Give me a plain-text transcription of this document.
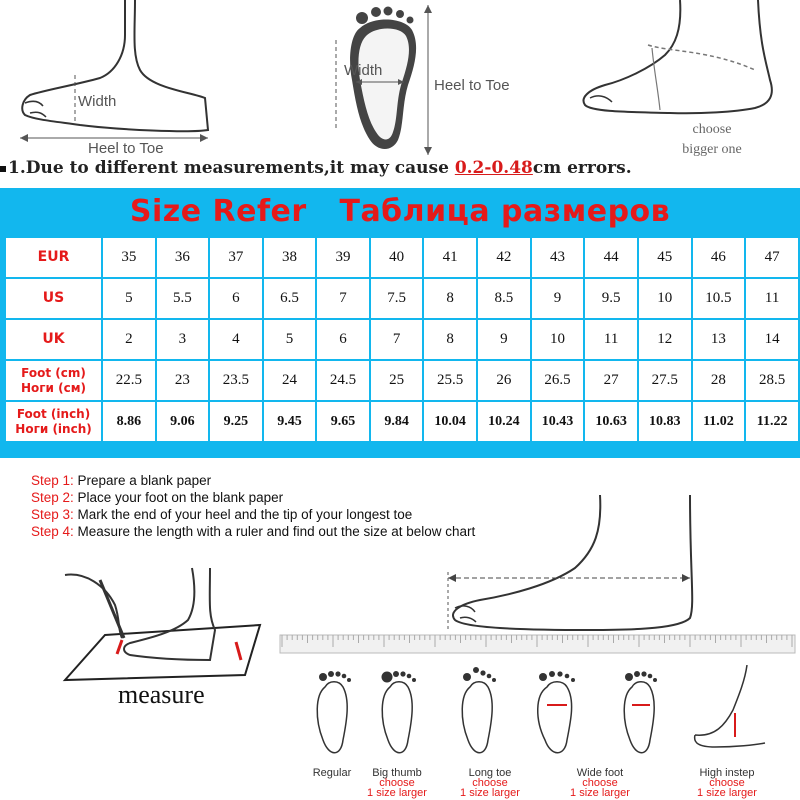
Width
Heel to Toe
Width
Heel to Toe
choose
bigger one
1.Due to different measurements,it may cause 0.2-0.48cm errors.
Size Refer   Таблица размеров
EUR	35	36	37	38	39	40	41	42	43	44	45	46	47

US	5	5.5	6	6.5	7	7.5	8	8.5	9	9.5	10	10.5	11

UK	2	3	4	5	6	7	8	9	10	11	12	13	14

Foot (cm)
Ноги (см)	22.5	23	23.5	24	24.5	25	25.5	26	26.5	27	27.5	28	28.5

Foot (inch)
Ноги (inch)	8.86	9.06	9.25	9.45	9.65	9.84	10.04	10.24	10.43	10.63	10.83	11.02	11.22
Step 1: Prepare a blank paper
Step 2: Place your foot on the blank paper
Step 3: Mark the end of your heel and the tip of your longest toe
Step 4: Measure the length with a ruler and find out the size at below chart
measure
Regular	Big thumb
choose
1 size larger
Long toe
choose
1 size larger
Wide foot
choose
1 size larger
High instep
choose
1 size larger
